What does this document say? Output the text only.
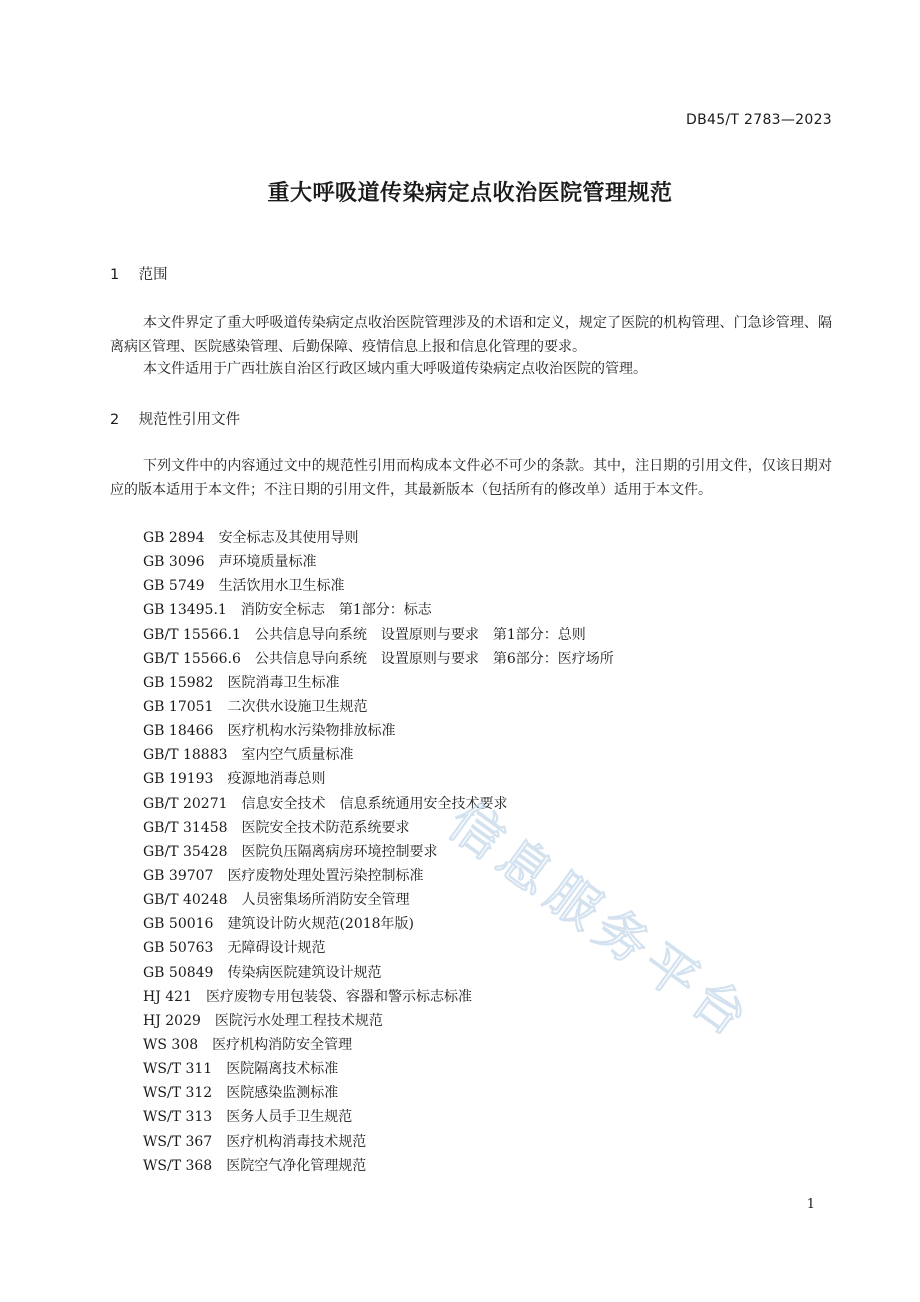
DB45/T 2783—2023
重大呼吸道传染病定点收治医院管理规范
1 范围
本文件界定了重大呼吸道传染病定点收治医院管理涉及的术语和定义，规定了医院的机构管理、门急诊管理、隔离病区管理、医院感染管理、后勤保障、疫情信息上报和信息化管理的要求。
本文件适用于广西壮族自治区行政区域内重大呼吸道传染病定点收治医院的管理。
2 规范性引用文件
下列文件中的内容通过文中的规范性引用而构成本文件必不可少的条款。其中，注日期的引用文件，仅该日期对应的版本适用于本文件；不注日期的引用文件，其最新版本（包括所有的修改单）适用于本文件。
GB 2894 安全标志及其使用导则
GB 3096 声环境质量标准
GB 5749 生活饮用水卫生标准
GB 13495.1 消防安全标志　第1部分：标志
GB/T 15566.1 公共信息导向系统　设置原则与要求　第1部分：总则
GB/T 15566.6 公共信息导向系统　设置原则与要求　第6部分：医疗场所
GB 15982 医院消毒卫生标准
GB 17051 二次供水设施卫生规范
GB 18466 医疗机构水污染物排放标准
GB/T 18883 室内空气质量标准
GB 19193 疫源地消毒总则
GB/T 20271 信息安全技术　信息系统通用安全技术要求
GB/T 31458 医院安全技术防范系统要求
GB/T 35428 医院负压隔离病房环境控制要求
GB 39707 医疗废物处理处置污染控制标准
GB/T 40248 人员密集场所消防安全管理
GB 50016 建筑设计防火规范(2018年版)
GB 50763 无障碍设计规范
GB 50849 传染病医院建筑设计规范
HJ 421 医疗废物专用包装袋、容器和警示标志标准
HJ 2029 医院污水处理工程技术规范
WS 308 医疗机构消防安全管理
WS/T 311 医院隔离技术标准
WS/T 312 医院感染监测标准
WS/T 313 医务人员手卫生规范
WS/T 367 医疗机构消毒技术规范
WS/T 368 医院空气净化管理规范
1
信息服务平台
